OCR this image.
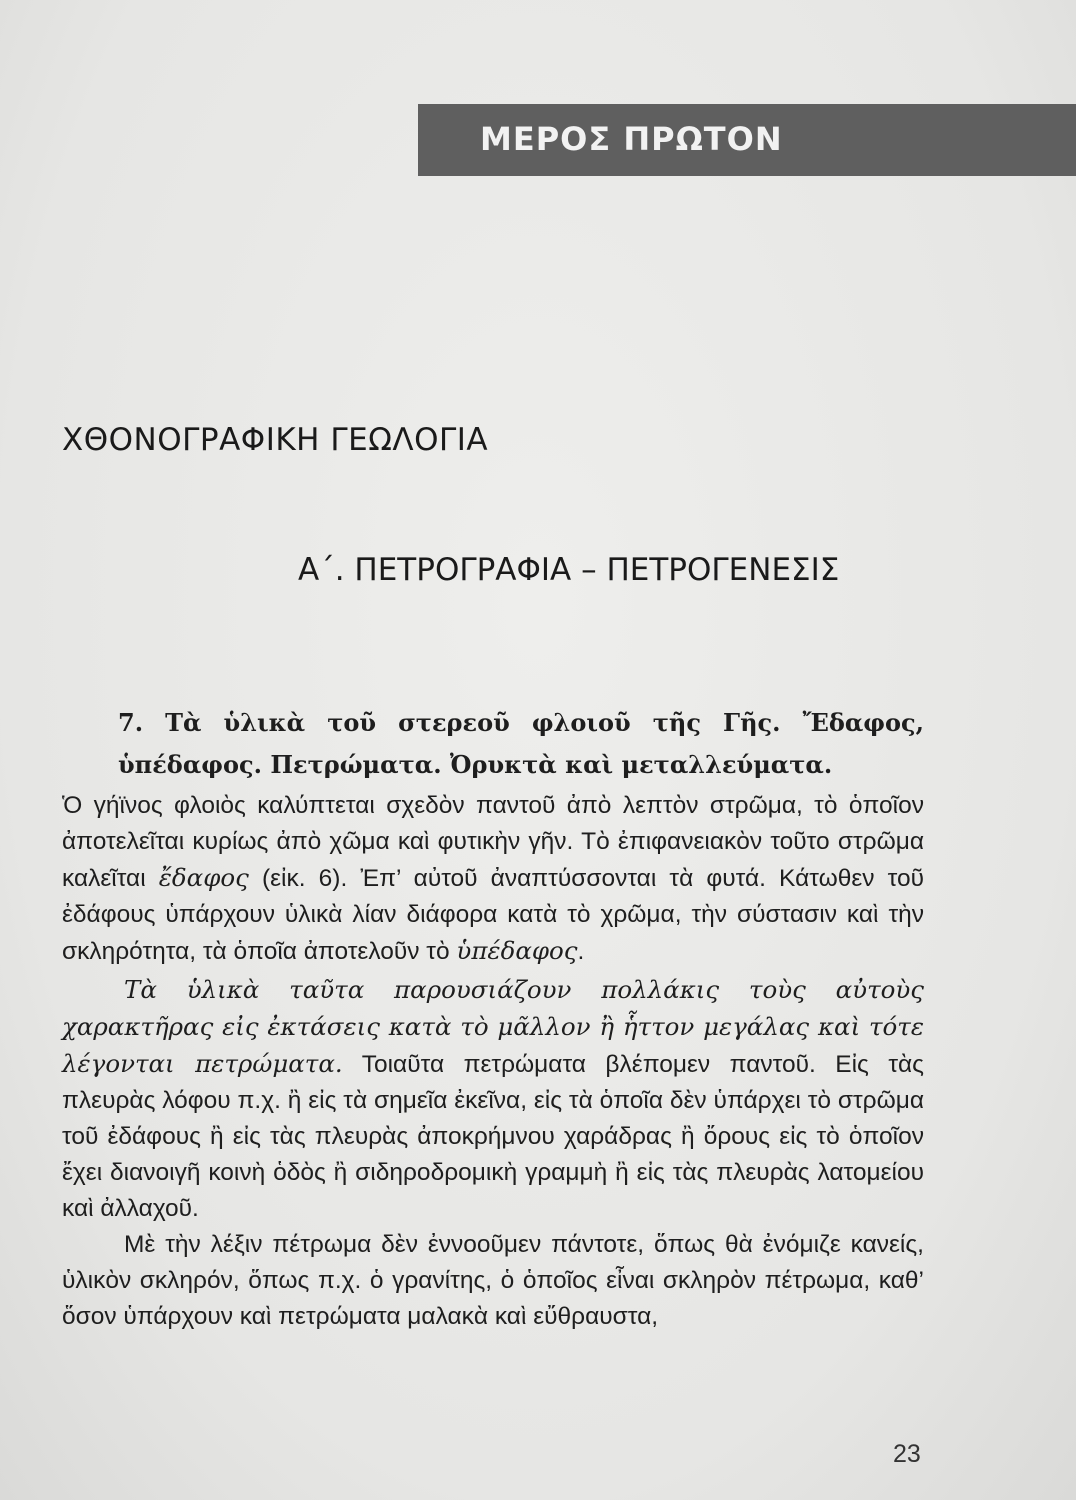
ΜΕΡΟΣ ΠΡΩΤΟΝ
ΧΘΟΝΟΓΡΑΦΙΚΗ ΓΕΩΛΟΓΙΑ
Α΄. ΠΕΤΡΟΓΡΑΦΙΑ – ΠΕΤΡΟΓΕΝΕΣΙΣ

7. Τὰ ὑλικὰ τοῦ στερεοῦ φλοιοῦ τῆς Γῆς. Ἔδαφος, ὑπέδαφος. Πετρώματα. Ὀρυκτὰ καὶ μεταλλεύματα.

Ὁ γήϊνος φλοιὸς καλύπτεται σχεδὸν παντοῦ ἀπὸ λεπτὸν στρῶμα, τὸ ὁποῖον ἀποτελεῖται κυρίως ἀπὸ χῶμα καὶ φυτικὴν γῆν. Τὸ ἐπιφανειακὸν τοῦτο στρῶμα καλεῖται ἔδαφος (εἰκ. 6). Ἐπ’ αὐτοῦ ἀναπτύσσονται τὰ φυτά. Κάτωθεν τοῦ ἐδάφους ὑπάρχουν ὑλικὰ λίαν διάφορα κατὰ τὸ χρῶμα, τὴν σύστασιν καὶ τὴν σκληρότητα, τὰ ὁποῖα ἀποτελοῦν τὸ ὑπέδαφος.

Τὰ ὑλικὰ ταῦτα παρουσιάζουν πολλάκις τοὺς αὐτοὺς χαρακτῆρας εἰς ἐκτάσεις κατὰ τὸ μᾶλλον ἢ ἧττον μεγάλας καὶ τότε λέγονται πετρώματα. Τοιαῦτα πετρώματα βλέπομεν παντοῦ. Εἰς τὰς πλευρὰς λόφου π.χ. ἢ εἰς τὰ σημεῖα ἐκεῖνα, εἰς τὰ ὁποῖα δὲν ὑπάρχει τὸ στρῶμα τοῦ ἐδάφους ἢ εἰς τὰς πλευρὰς ἀποκρήμνου χαράδρας ἢ ὄρους εἰς τὸ ὁποῖον ἔχει διανοιγῆ κοινὴ ὁδὸς ἢ σιδηροδρομικὴ γραμμὴ ἢ εἰς τὰς πλευρὰς λατομείου καὶ ἀλλαχοῦ.

Μὲ τὴν λέξιν πέτρωμα δὲν ἐννοοῦμεν πάντοτε, ὅπως θὰ ἐνόμιζε κανείς, ὑλικὸν σκληρόν, ὅπως π.χ. ὁ γρανίτης, ὁ ὁποῖος εἶναι σκληρὸν πέτρωμα, καθ’ ὅσον ὑπάρχουν καὶ πετρώματα μαλακὰ καὶ εὔθραυστα,

23
